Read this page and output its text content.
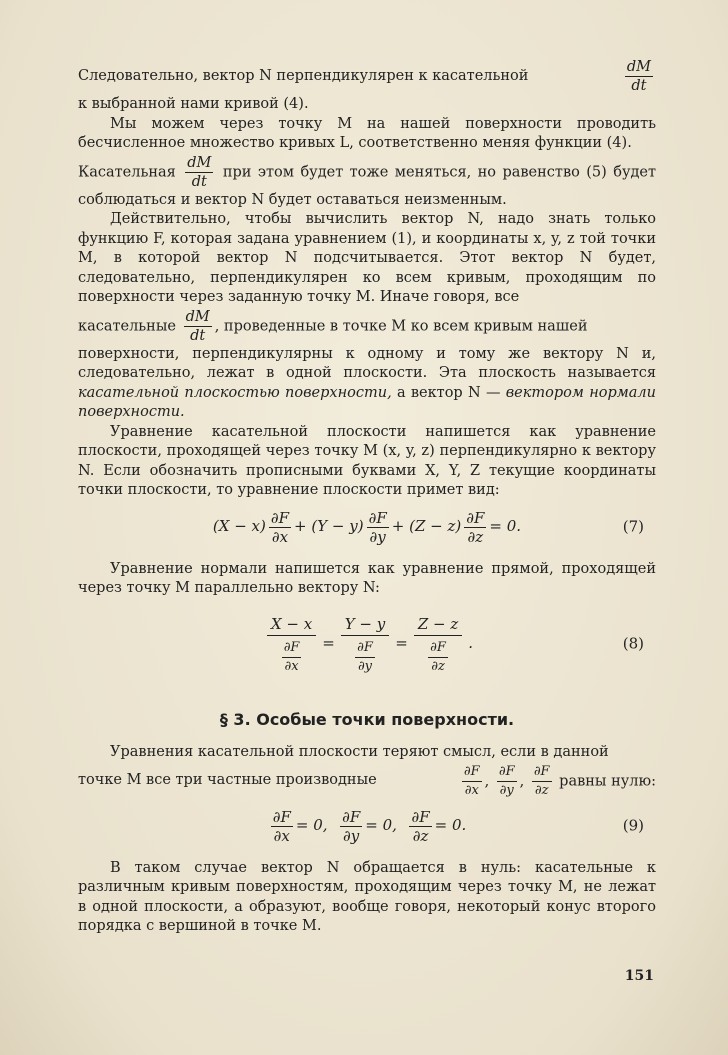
Следовательно, вектор N перпендикулярен к касательной	$\frac{dM}{dt}$

к выбранной нами кривой (4).

Мы можем через точку M на нашей поверхности проводить бесчисленное множество кривых L, соответственно меняя функции (4).

Касательная $\frac{dM}{dt}$ при этом будет тоже меняться, но равенство (5) будет соблюдаться и вектор N будет оставаться неизменным.

Действительно, чтобы вычислить вектор N, надо знать только функцию F, которая задана уравнением (1), и координаты x, y, z той точки M, в которой вектор N подсчитывается. Этот вектор N будет, следовательно, перпендикулярен ко всем кривым, проходящим по поверхности через заданную точку M. Иначе говоря, все

касательные $\frac{dM}{dt}$ , проведенные в точке M ко всем кривым нашей

поверхности, перпендикулярны к одному и тому же вектору N и, следовательно, лежат в одной плоскости. Эта плоскость называется касательной плоскостью поверхности, а вектор N — вектором нормали поверхности.

Уравнение касательной плоскости напишется как уравнение плоскости, проходящей через точку M (x, y, z) перпендикулярно к вектору N. Если обозначить прописными буквами X, Y, Z текущие координаты точки плоскости, то уравнение плоскости примет вид:

$(X - x) \frac{\partial F}{\partial x} + (Y - y) \frac{\partial F}{\partial y} + (Z - z) \frac{\partial F}{\partial z} = 0$.	(7)

Уравнение нормали напишется как уравнение прямой, проходящей через точку M параллельно вектору N:

$\frac{X - x}{\frac{\partial F}{\partial x}} = \frac{Y - y}{\frac{\partial F}{\partial y}} = \frac{Z - z}{\frac{\partial F}{\partial z}}$ .	(8)
§ 3. Особые точки поверхности.

Уравнения касательной плоскости теряют смысл, если в данной

точке M все три частные производные	$\frac{\partial F}{\partial x}$ , $\frac{\partial F}{\partial y}$ , $\frac{\partial F}{\partial z}$ равны нулю:
$\frac{\partial F}{\partial x} = 0$,
$\frac{\partial F}{\partial y} = 0$,
$\frac{\partial F}{\partial z} = 0$.	(9)

В таком случае вектор N обращается в нуль: касательные к различным кривым поверхностям, проходящим через точку M, не лежат в одной плоскости, а образуют, вообще говоря, некоторый конус второго порядка с вершиной в точке M.

151
